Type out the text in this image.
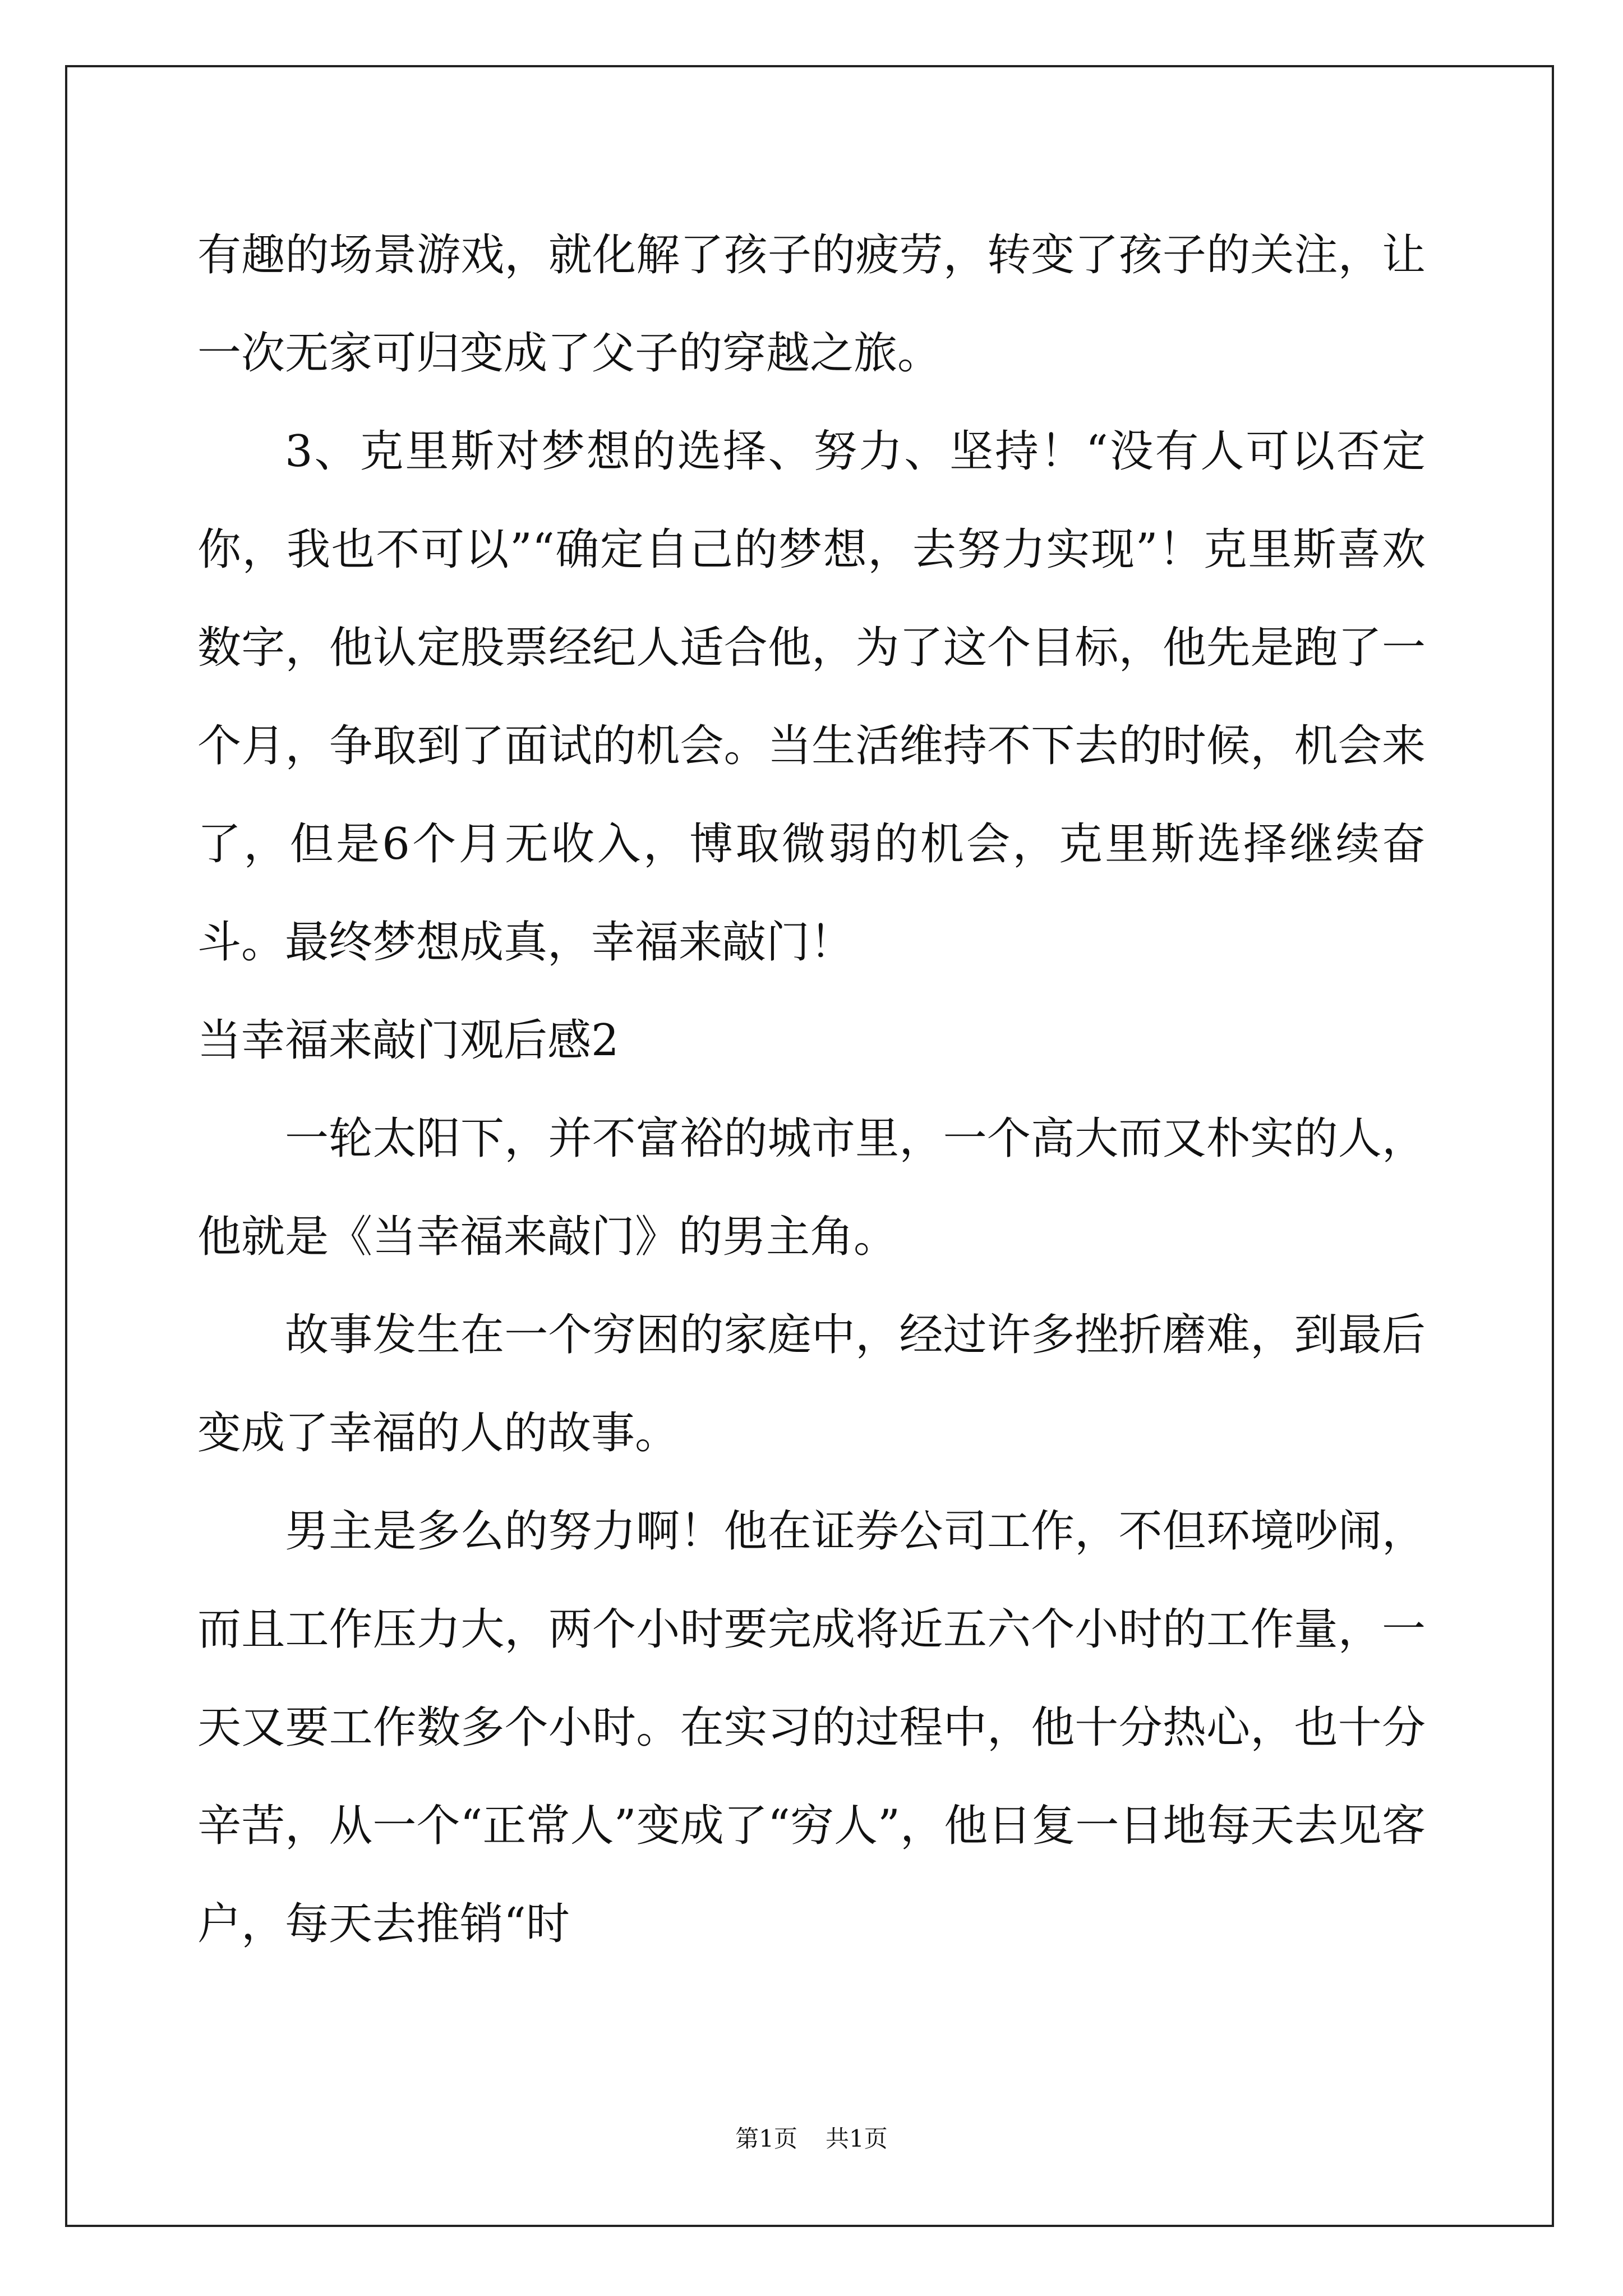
有趣的场景游戏，就化解了孩子的疲劳，转变了孩子的关注，让一次无家可归变成了父子的穿越之旅。

3、克里斯对梦想的选择、努力、坚持！“没有人可以否定你，我也不可以”“确定自己的梦想，去努力实现”！克里斯喜欢数字，他认定股票经纪人适合他，为了这个目标，他先是跑了一个月，争取到了面试的机会。当生活维持不下去的时候，机会来了，但是6个月无收入，博取微弱的机会，克里斯选择继续奋斗。最终梦想成真，幸福来敲门！

当幸福来敲门观后感2

一轮太阳下，并不富裕的城市里，一个高大而又朴实的人，他就是《当幸福来敲门》的男主角。

故事发生在一个穷困的家庭中，经过许多挫折磨难，到最后变成了幸福的人的故事。

男主是多么的努力啊！他在证券公司工作，不但环境吵闹，而且工作压力大，两个小时要完成将近五六个小时的工作量，一天又要工作数多个小时。在实习的过程中，他十分热心，也十分辛苦，从一个“正常人”变成了“穷人”，他日复一日地每天去见客户，每天去推销“时

第1页 共1页
